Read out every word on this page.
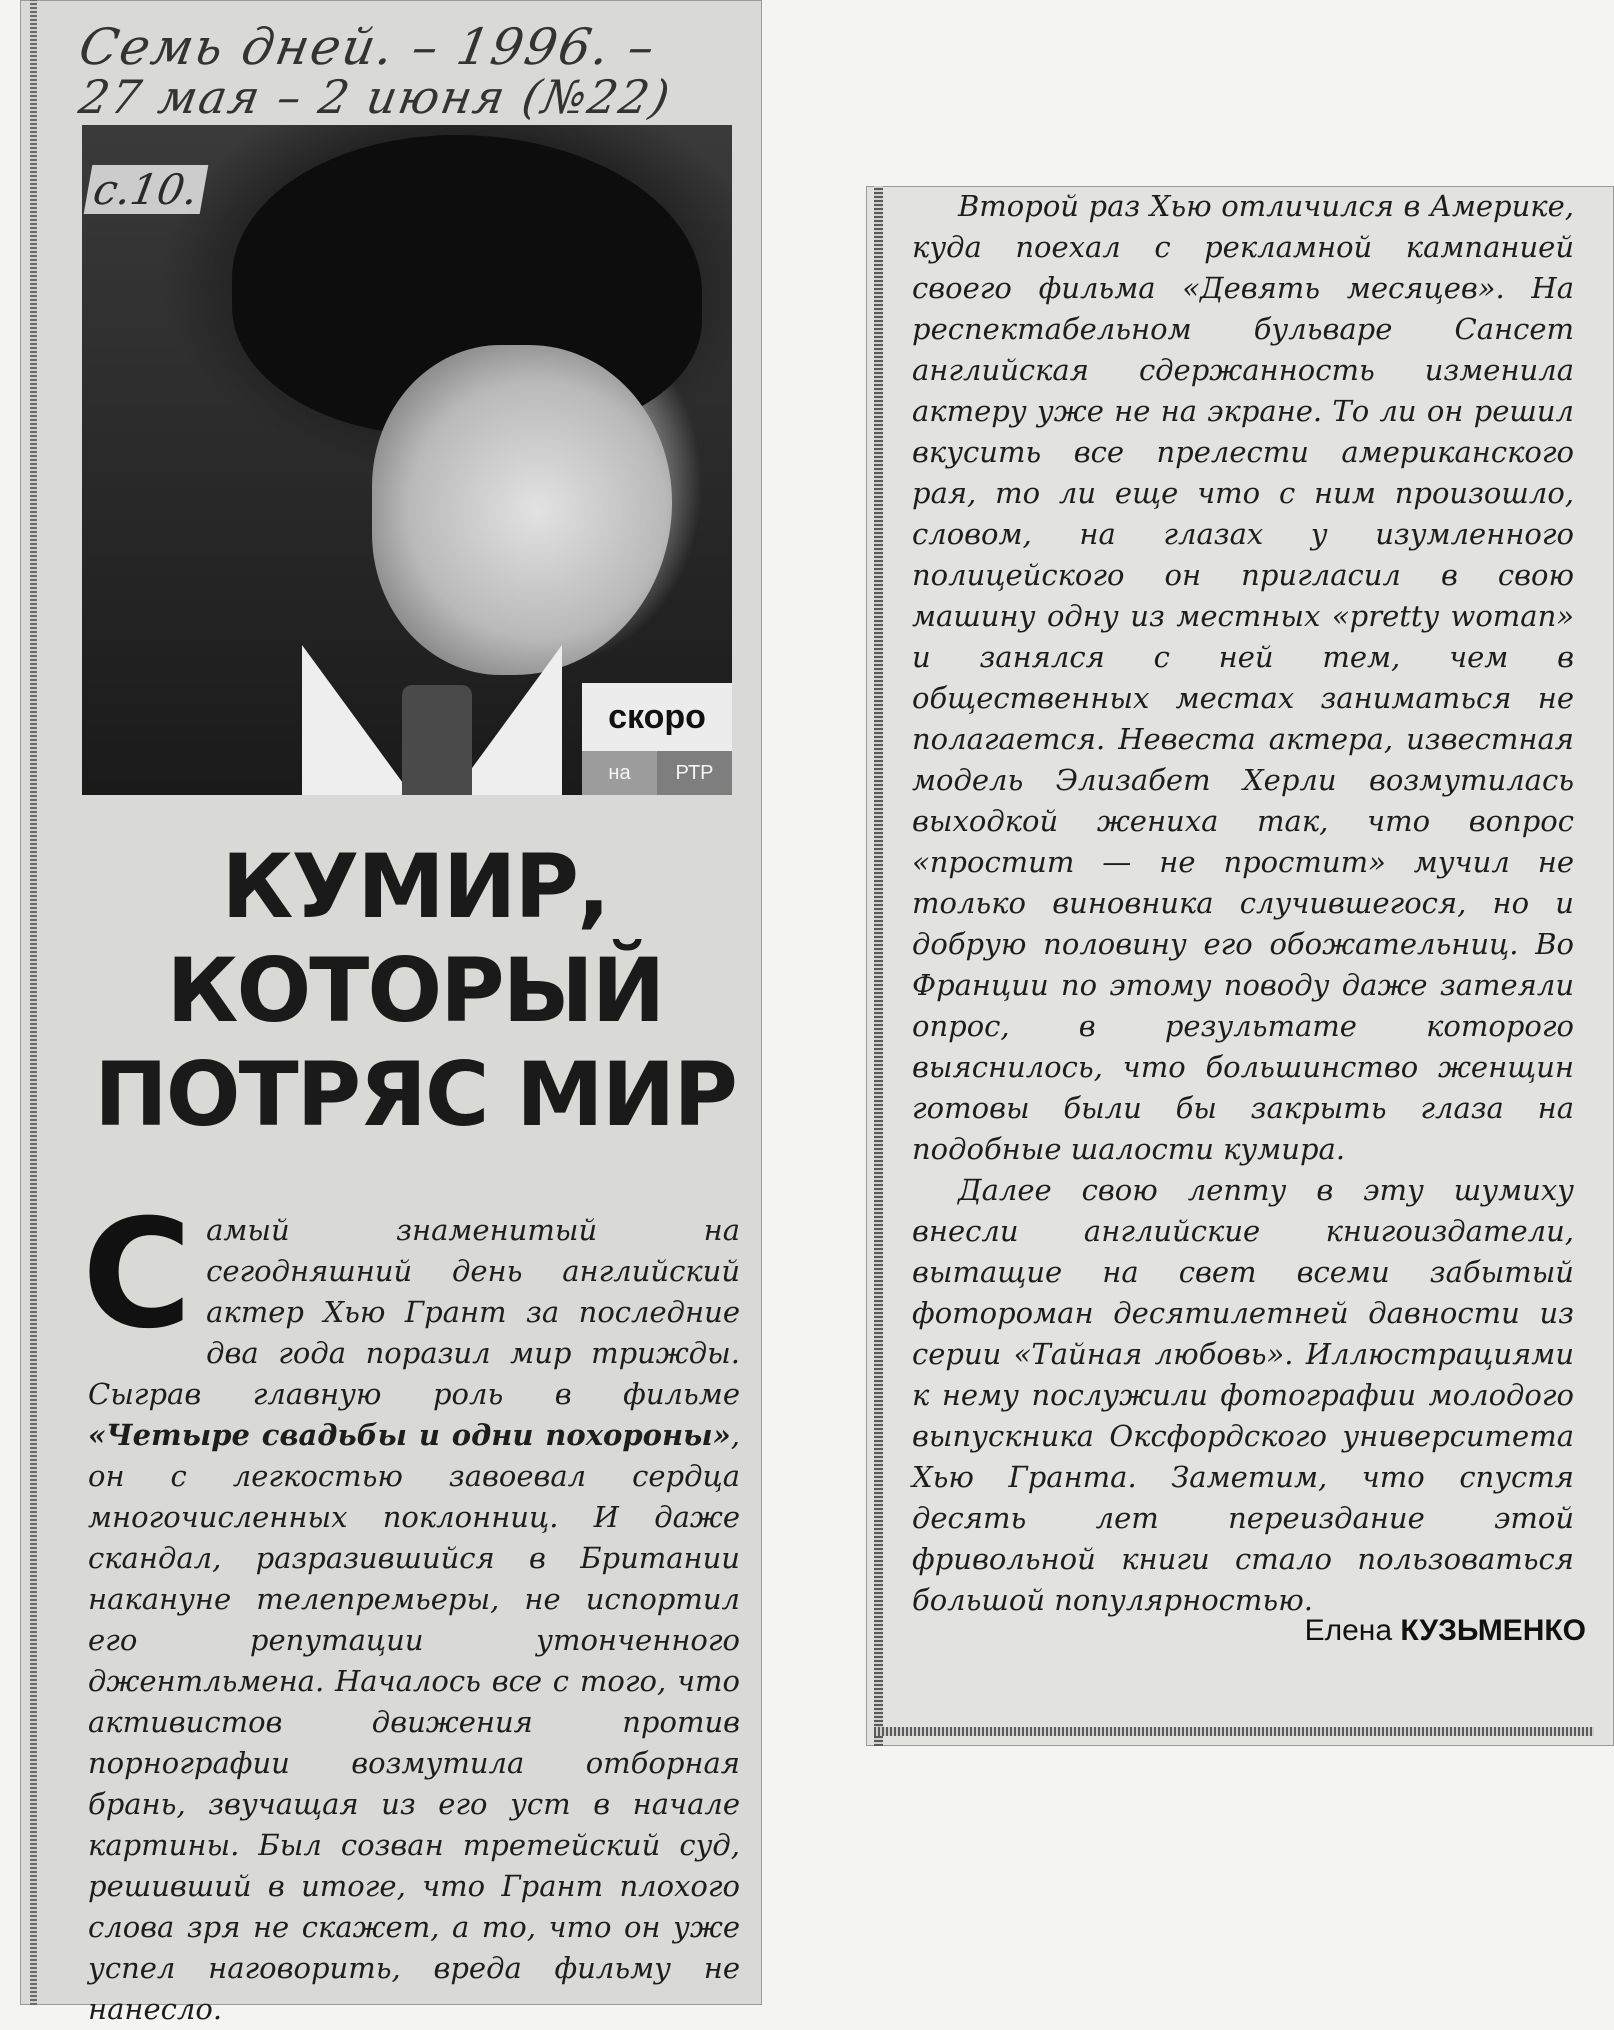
Семь дней. – 1996. –
27 мая – 2 июня (№22)
с.10.
скоро
на	РТР
КУМИР,
КОТОРЫЙ
ПОТРЯС МИР
Самый знаменитый на сегодняшний день английский актер Хью Грант за последние два года поразил мир трижды. Сыграв главную роль в фильме «Четыре свадьбы и одни похороны», он с легкостью завоевал сердца многочисленных поклонниц. И даже скандал, разразившийся в Британии накануне телепремьеры, не испортил его репутации утонченного джентльмена. Началось все с того, что активистов движения против порнографии возмутила отборная брань, звучащая из его уст в начале картины. Был созван третейский суд, решивший в итоге, что Грант плохого слова зря не скажет, а то, что он уже успел наговорить, вреда фильму не нанесло.

Второй раз Хью отличился в Америке, куда поехал с рекламной кампанией своего фильма «Девять месяцев». На респектабельном бульваре Сансет английская сдержанность изменила актеру уже не на экране. То ли он решил вкусить все прелести американского рая, то ли еще что с ним произошло, словом, на глазах у изумленного полицейского он пригласил в свою машину одну из местных «pretty woman» и занялся с ней тем, чем в общественных местах заниматься не полагается. Невеста актера, известная модель Элизабет Херли возмутилась выходкой жениха так, что вопрос «простит — не простит» мучил не только виновника случившегося, но и добрую половину его обожательниц. Во Франции по этому поводу даже затеяли опрос, в результате которого выяснилось, что большинство женщин готовы были бы закрыть глаза на подобные шалости кумира.

Далее свою лепту в эту шумиху внесли английские книгоиздатели, вытащие на свет всеми забытый фотороман десятилетней давности из серии «Тайная любовь». Иллюстрациями к нему послужили фотографии молодого выпускника Оксфордского университета Хью Гранта. Заметим, что спустя десять лет переиздание этой фривольной книги стало пользоваться большой популярностью.

Елена КУЗЬМЕНКО
